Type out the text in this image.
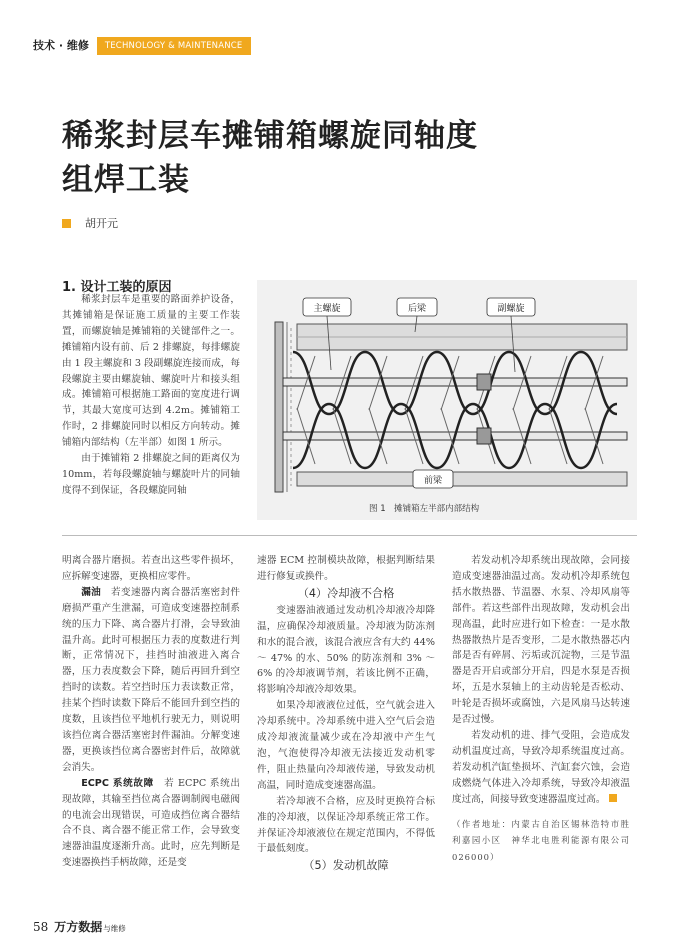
技术 · 维修	TECHNOLOGY & MAINTENANCE
稀浆封层车摊铺箱螺旋同轴度
组焊工装
胡开元
1. 设计工装的原因

稀浆封层车是重要的路面养护设备，其摊铺箱是保证施工质量的主要工作装置，而螺旋轴是摊铺箱的关键部件之一。摊铺箱内设有前、后 2 排螺旋，每排螺旋由 1 段主螺旋和 3 段副螺旋连接而成，每段螺旋主要由螺旋轴、螺旋叶片和接头组成。摊铺箱可根据施工路面的宽度进行调节，其最大宽度可达到 4.2m。摊铺箱工作时，2 排螺旋同时以相反方向转动。摊铺箱内部结构（左半部）如图 1 所示。

由于摊铺箱 2 排螺旋之间的距离仅为 10mm，若每段螺旋轴与螺旋叶片的同轴度得不到保证，各段螺旋同轴

主螺旋	后梁	副螺旋
前梁
图 1　摊铺箱左半部内部结构

明离合器片磨损。若查出这些零件损坏，应拆解变速器，更换相应零件。

漏油　 若变速器内离合器活塞密封件磨损严重产生泄漏，可造成变速器控制系统的压力下降、离合器片打滑，会导致油温升高。此时可根据压力表的度数进行判断，正常情况下，挂挡时油液进入离合器，压力表度数会下降，随后再回升到空挡时的读数。若空挡时压力表读数正常，挂某个挡时读数下降后不能回升到空挡的度数，且该挡位平地机行驶无力，则说明该挡位离合器活塞密封件漏油。分解变速器，更换该挡位离合器密封件后，故障就会消失。

ECPC 系统故障　 若 ECPC 系统出现故障，其输至挡位离合器调制阀电磁阀的电流会出现错误，可造成挡位离合器结合不良、离合器不能正常工作，会导致变速器油温度逐渐升高。此时，应先判断是变速器换挡手柄故障，还是变

速器 ECM 控制模块故障，根据判断结果进行修复或换件。

（4）冷却液不合格

变速器油液通过发动机冷却液冷却降温，应确保冷却液质量。冷却液为防冻剂和水的混合液，该混合液应含有大约 44% ～ 47% 的水、50% 的防冻剂和 3% ～ 6% 的冷却液调节剂，若该比例不正确，将影响冷却液冷却效果。

如果冷却液液位过低，空气就会进入冷却系统中。冷却系统中进入空气后会造成冷却液流量减少或在冷却液中产生气泡，气泡使得冷却液无法接近发动机零件，阻止热量向冷却液传递，导致发动机高温，同时造成变速器高温。

若冷却液不合格，应及时更换符合标准的冷却液，以保证冷却系统正常工作。并保证冷却液液位在规定范围内，不得低于最低刻度。

（5）发动机故障

若发动机冷却系统出现故障，会同接造成变速器油温过高。发动机冷却系统包括水散热器、节温器、水泵、冷却风扇等部件。若这些部件出现故障，发动机会出现高温，此时应进行如下检查：一是水散热器散热片是否变形，二是水散热器芯内部是否有碎屑、污垢或沉淀物，三是节温器是否开启或部分开启，四是水泵是否损坏，五是水泵轴上的主动齿轮是否松动、叶轮是否损坏或腐蚀，六是风扇马达转速是否过慢。

若发动机的进、排气受阻，会造成发动机温度过高，导致冷却系统温度过高。若发动机汽缸垫损坏、汽缸套穴蚀，会造成燃烧气体进入冷却系统，导致冷却液温度过高，间接导致变速器温度过高。

（作者地址：内蒙古自治区锡林浩特市胜利嘉园小区　神华北电胜利能源有限公司 026000）

58 万方数据 与维修
